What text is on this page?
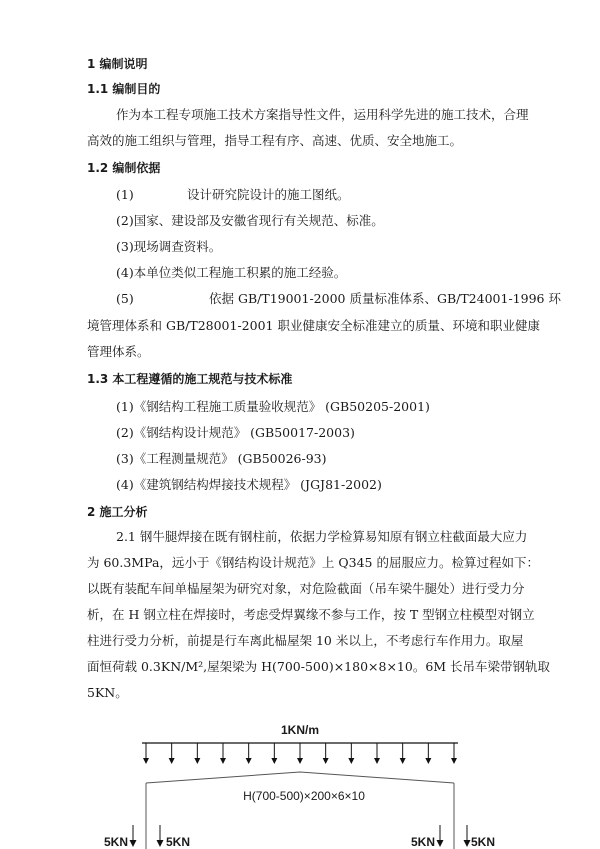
1 编制说明
1.1 编制目的
作为本工程专项施工技术方案指导性文件，运用科学先进的施工技术，合理
高效的施工组织与管理，指导工程有序、高速、优质、安全地施工。
1.2 编制依据
(1)	设计研究院设计的施工图纸。
(2)国家、建设部及安徽省现行有关规范、标准。
(3)现场调查资料。
(4)本单位类似工程施工积累的施工经验。
(5)	依据 GB/T19001-2000 质量标准体系、GB/T24001-1996 环
境管理体系和 GB/T28001-2001 职业健康安全标准建立的质量、环境和职业健康
管理体系。
1.3 本工程遵循的施工规范与技术标准
(1)《钢结构工程施工质量验收规范》 (GB50205-2001)
(2)《钢结构设计规范》 (GB50017-2003)
(3)《工程测量规范》 (GB50026-93)
(4)《建筑钢结构焊接技术规程》 (JGJ81-2002)
2 施工分析
2.1 钢牛腿焊接在既有钢柱前，依据力学检算易知原有钢立柱截面最大应力
为 60.3MPa，远小于《钢结构设计规范》上 Q345 的屈服应力。检算过程如下：
以既有装配车间单榀屋架为研究对象，对危险截面（吊车梁牛腿处）进行受力分
析，在 H 钢立柱在焊接时，考虑受焊翼缘不参与工作，按 T 型钢立柱模型对钢立
柱进行受力分析，前提是行车离此榀屋架 10 米以上，不考虑行车作用力。取屋
面恒荷载 0.3KN/M²,屋架梁为 H(700-500)×180×8×10。6M 长吊车梁带钢轨取
5KN。
1KN/m
H(700-500)×200×6×10
5KN	5KN	5KN	5KN
